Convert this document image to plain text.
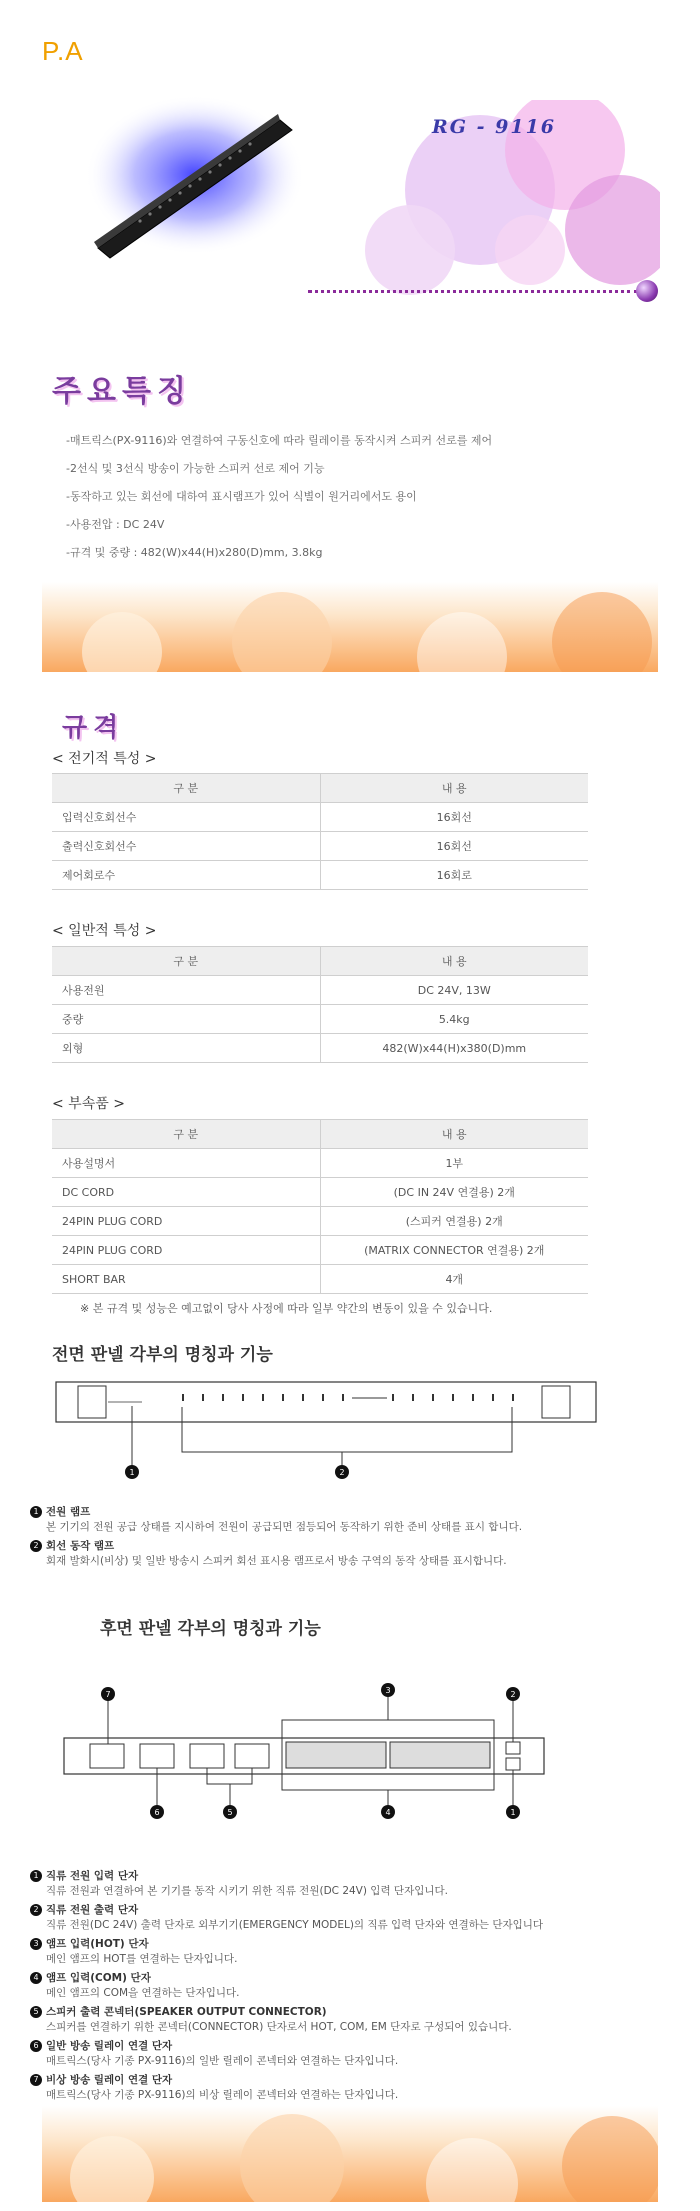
P.A
RG - 9116
주요특징
-매트릭스(PX-9116)와 연결하여 구동신호에 따라 릴레이를 동작시켜 스피커 선로를 제어
-2선식 및 3선식 방송이 가능한 스피커 선로 제어 기능
-동작하고 있는 회선에 대하여 표시램프가 있어 식별이 원거리에서도 용이
-사용전압 : DC 24V
-규격 및 중량 : 482(W)x44(H)x280(D)mm, 3.8kg
규격
< 전기적 특성 >
구 분	내 용
입력신호회선수	16회선
출력신호회선수	16회선
제어회로수	16회로
< 일반적 특성 >
구 분	내 용
사용전원	DC 24V, 13W
중량	5.4kg
외형	482(W)x44(H)x380(D)mm
< 부속품 >
구 분	내 용
사용설명서	1부
DC CORD	(DC IN 24V 연결용) 2개
24PIN PLUG CORD	(스피커 연결용) 2개
24PIN PLUG CORD	(MATRIX CONNECTOR 연결용) 2개
SHORT BAR	4개
※ 본 규격 및 성능은 예고없이 당사 사정에 따라 일부 약간의 변동이 있을 수 있습니다.
전면 판넬 각부의 명칭과 기능
1	2
1 전원 램프
본 기기의 전원 공급 상태를 지시하여 전원이 공급되면 점등되어 동작하기 위한 준비 상태를 표시 합니다.
2 회선 동작 램프
회재 발화시(비상) 및 일반 방송시 스피커 회선 표시용 램프로서 방송 구역의 동작 상태를 표시합니다.
후면 판넬 각부의 명칭과 기능
7	3	2
6	5	4	1
1 직류 전원 입력 단자
직류 전원과 연결하여 본 기기를 동작 시키기 위한 직류 전원(DC 24V) 입력 단자입니다.
2 직류 전원 출력 단자
직류 전원(DC 24V) 출력 단자로 외부기기(EMERGENCY MODEL)의 직류 입력 단자와 연결하는 단자입니다
3 앰프 입력(HOT) 단자
메인 앰프의 HOT를 연결하는 단자입니다.
4 앰프 입력(COM) 단자
메인 앰프의 COM을 연결하는 단자입니다.
5 스피커 출력 콘넥터(SPEAKER OUTPUT CONNECTOR)
스피커를 연결하기 위한 콘넥터(CONNECTOR) 단자로서 HOT, COM, EM 단자로 구성되어 있습니다.
6 일반 방송 릴레이 연결 단자
매트릭스(당사 기종 PX-9116)의 일반 릴레이 콘넥터와 연결하는 단자입니다.
7 비상 방송 릴레이 연결 단자
매트릭스(당사 기종 PX-9116)의 비상 릴레이 콘넥터와 연결하는 단자입니다.
